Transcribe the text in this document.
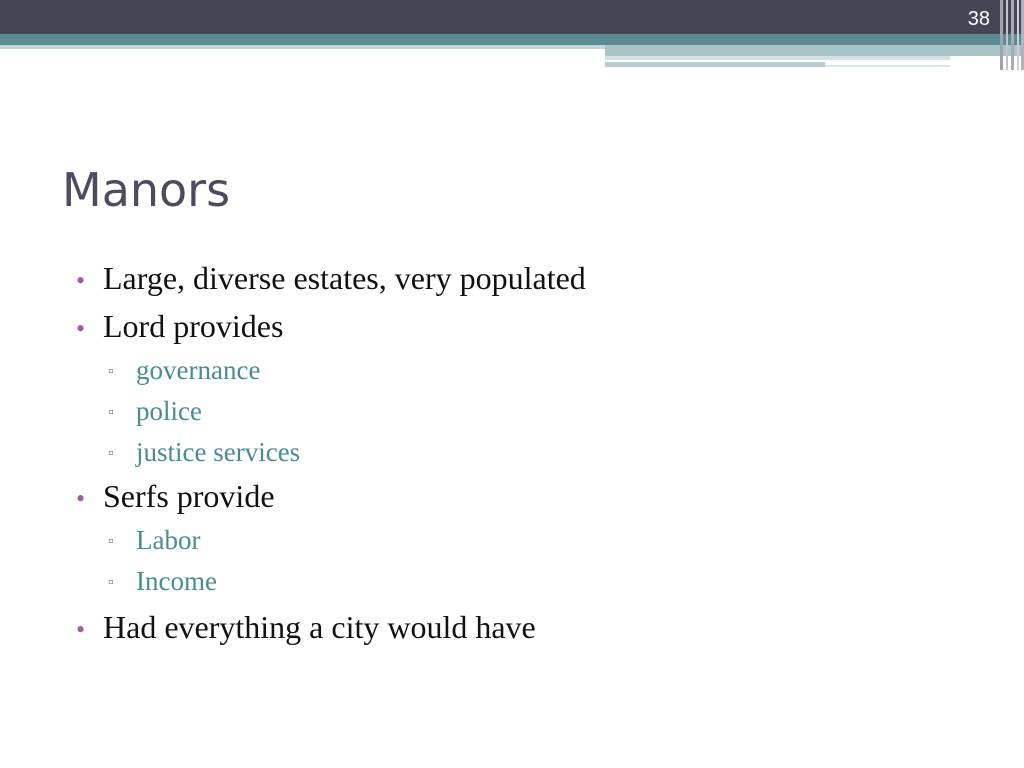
38
Manors
• Large, diverse estates, very populated
• Lord provides
▫ governance
▫ police
▫ justice services
• Serfs provide
▫ Labor
▫ Income
• Had everything a city would have
